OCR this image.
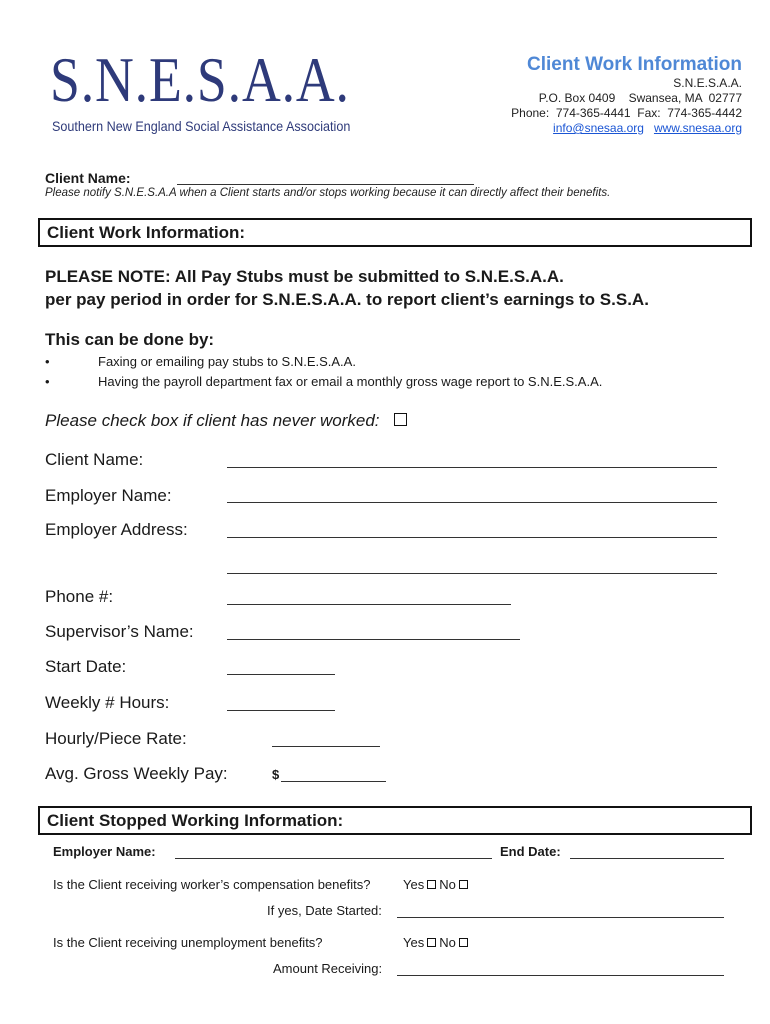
S.N.E.S.A.A.
Southern New England Social Assistance Association
Client Work Information
S.N.E.S.A.A.
P.O. Box 0409    Swansea, MA  02777
Phone:  774-365-4441  Fax:  774-365-4442
info@snesaa.org www.snesaa.org
Client Name:
Please notify S.N.E.S.A.A when a Client starts and/or stops working because it can directly affect their benefits.
Client Work Information:
PLEASE NOTE: All Pay Stubs must be submitted to S.N.E.S.A.A.
per pay period in order for S.N.E.S.A.A. to report client’s earnings to S.S.A.
This can be done by:
•	Faxing or emailing pay stubs to S.N.E.S.A.A.
•	Having the payroll department fax or email a monthly gross wage report to S.N.E.S.A.A.
Please check box if client has never worked:
Client Name:
Employer Name:
Employer Address:
Phone #:
Supervisor’s Name:
Start Date:
Weekly # Hours:
Hourly/Piece Rate:
Avg. Gross Weekly Pay:	$
Client Stopped Working Information:
Employer Name:	End Date:
Is the Client receiving worker’s compensation benefits?	Yes No
If yes, Date Started:
Is the Client receiving unemployment benefits?	Yes No
Amount Receiving:
